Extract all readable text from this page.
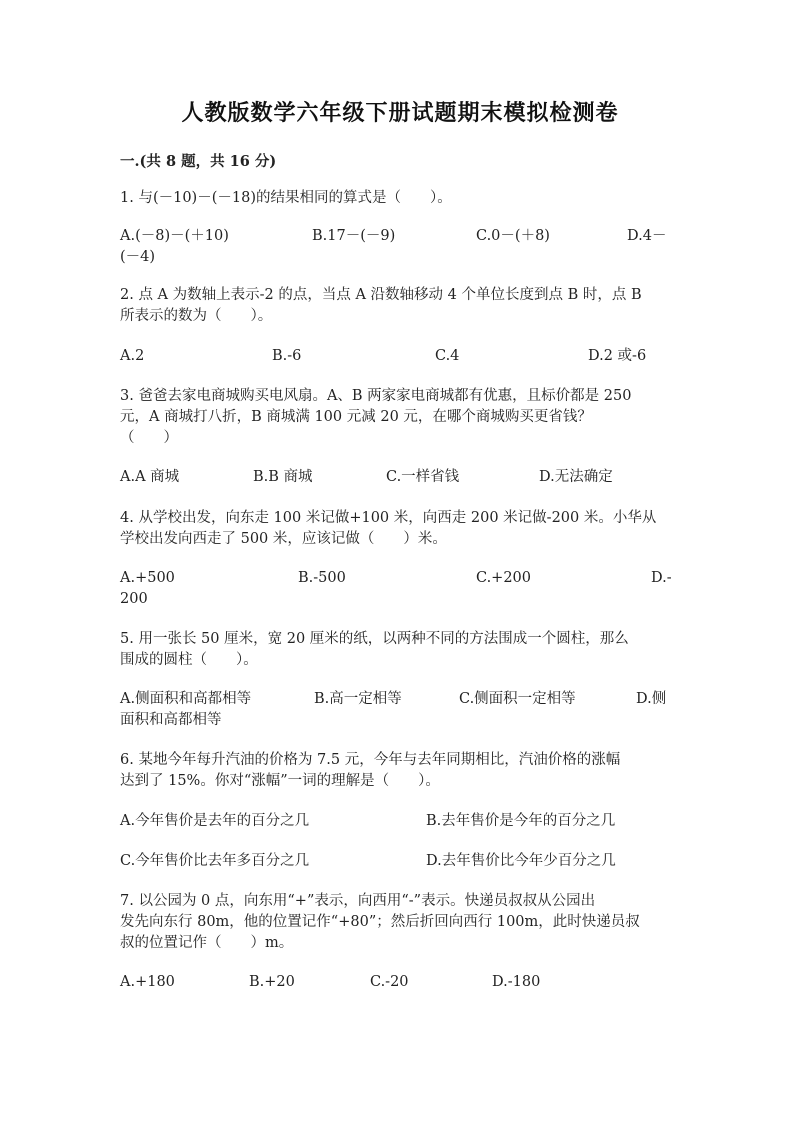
人教版数学六年级下册试题期末模拟检测卷
一.(共 8 题，共 16 分)
1. 与(－10)－(－18)的结果相同的算式是（　　）。
A.(－8)－(＋10)	B.17－(－9)	C.0－(＋8)	D.4－
(－4)
2. 点 A 为数轴上表示-2 的点，当点 A 沿数轴移动 4 个单位长度到点 B 时，点 B
所表示的数为（　　）。
A.2	B.-6	C.4	D.2 或-6
3. 爸爸去家电商城购买电风扇。A、B 两家家电商城都有优惠，且标价都是 250
元，A 商城打八折，B 商城满 100 元减 20 元，在哪个商城购买更省钱？
（　　）
A.A 商城	B.B 商城	C.一样省钱	D.无法确定
4. 从学校出发，向东走 100 米记做+100 米，向西走 200 米记做-200 米。小华从
学校出发向西走了 500 米，应该记做（　　）米。
A.+500	B.-500	C.+200	D.-
200
5. 用一张长 50 厘米，宽 20 厘米的纸，以两种不同的方法围成一个圆柱，那么
围成的圆柱（　　）。
A.侧面积和高都相等	B.高一定相等	C.侧面积一定相等	D.侧
面积和高都相等
6. 某地今年每升汽油的价格为 7.5 元，今年与去年同期相比，汽油价格的涨幅
达到了 15%。你对“涨幅”一词的理解是（　　）。
A.今年售价是去年的百分之几	B.去年售价是今年的百分之几
C.今年售价比去年多百分之几	D.去年售价比今年少百分之几
7. 以公园为 0 点，向东用“+”表示，向西用“-”表示。快递员叔叔从公园出
发先向东行 80m，他的位置记作“+80”；然后折回向西行 100m，此时快递员叔
叔的位置记作（　　）m。
A.+180	B.+20	C.-20	D.-180
